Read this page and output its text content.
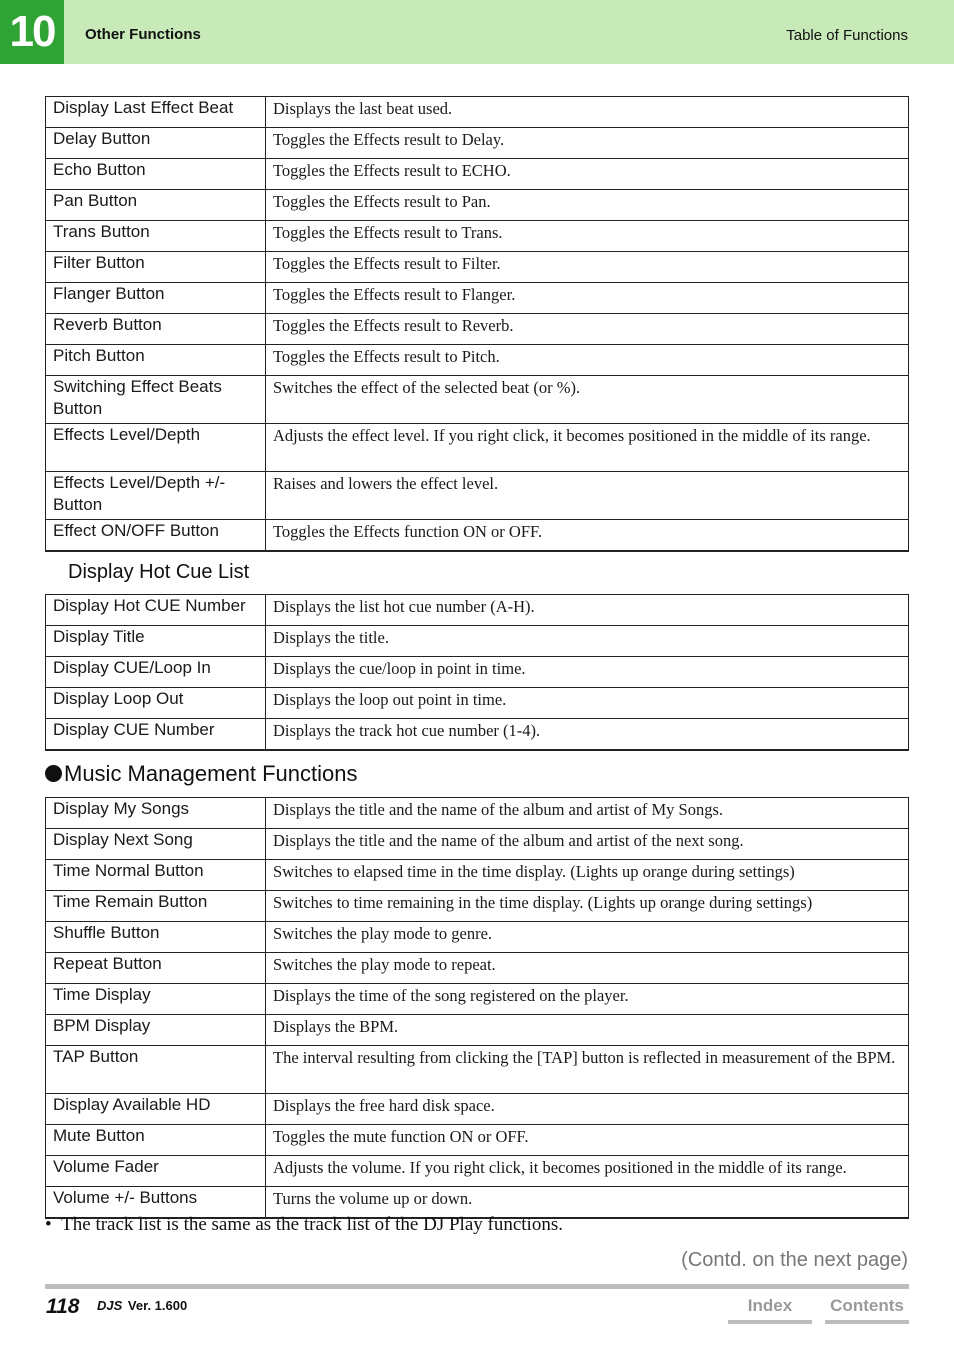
10	Other Functions	Table of Functions
Display Last Effect Beat	Displays the last beat used.
Delay Button	Toggles the Effects result to Delay.
Echo Button	Toggles the Effects result to ECHO.
Pan Button	Toggles the Effects result to Pan.
Trans Button	Toggles the Effects result to Trans.
Filter Button	Toggles the Effects result to Filter.
Flanger Button	Toggles the Effects result to Flanger.
Reverb Button	Toggles the Effects result to Reverb.
Pitch Button	Toggles the Effects result to Pitch.
Switching Effect Beats Button	Switches the effect of the selected beat (or %).
Effects Level/Depth	Adjusts the effect level. If you right click, it becomes positioned in the middle of its range.
Effects Level/Depth +/- Button	Raises and lowers the effect level.
Effect ON/OFF Button	Toggles the Effects function ON or OFF.
Display Hot Cue List
Display Hot CUE Number	Displays the list hot cue number (A-H).
Display Title	Displays the title.
Display CUE/Loop In	Displays the cue/loop in point in time.
Display Loop Out	Displays the loop out point in time.
Display CUE Number	Displays the track hot cue number (1-4).
Music Management Functions
Display My Songs	Displays the title and the name of the album and artist of My Songs.
Display Next Song	Displays the title and the name of the album and artist of the next song.
Time Normal Button	Switches to elapsed time in the time display. (Lights up orange during settings)
Time Remain Button	Switches to time remaining in the time display. (Lights up orange during settings)
Shuffle Button	Switches the play mode to genre.
Repeat Button	Switches the play mode to repeat.
Time Display	Displays the time of the song registered on the player.
BPM Display	Displays the BPM.
TAP Button	The interval resulting from clicking the [TAP] button is reflected in measurement of the BPM.
Display Available HD	Displays the free hard disk space.
Mute Button	Toggles the mute function ON or OFF.
Volume Fader	Adjusts the volume. If you right click, it becomes positioned in the middle of its range.
Volume +/- Buttons	Turns the volume up or down.
•  The track list is the same as the track list of the DJ Play functions.
(Contd. on the next page)
118 DJS Ver. 1.600	Index	Contents
